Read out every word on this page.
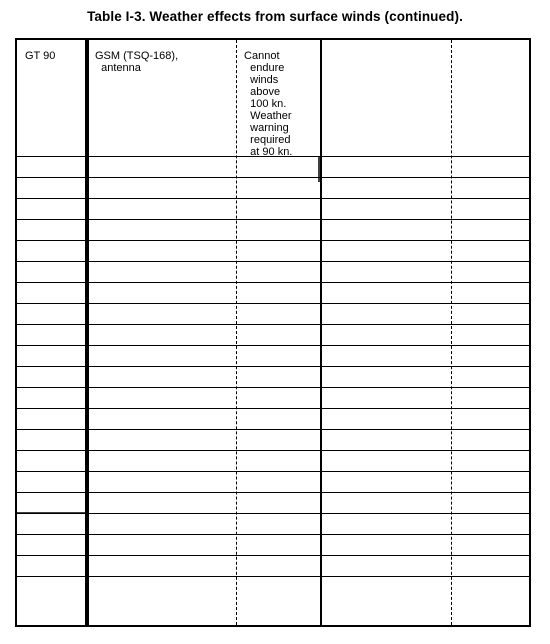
Table I-3. Weather effects from surface winds (continued).
GT 90	GSM (TSQ-168),
antenna
Cannot
endure
winds
above
100 kn.
Weather
warning
required
at 90 kn.
